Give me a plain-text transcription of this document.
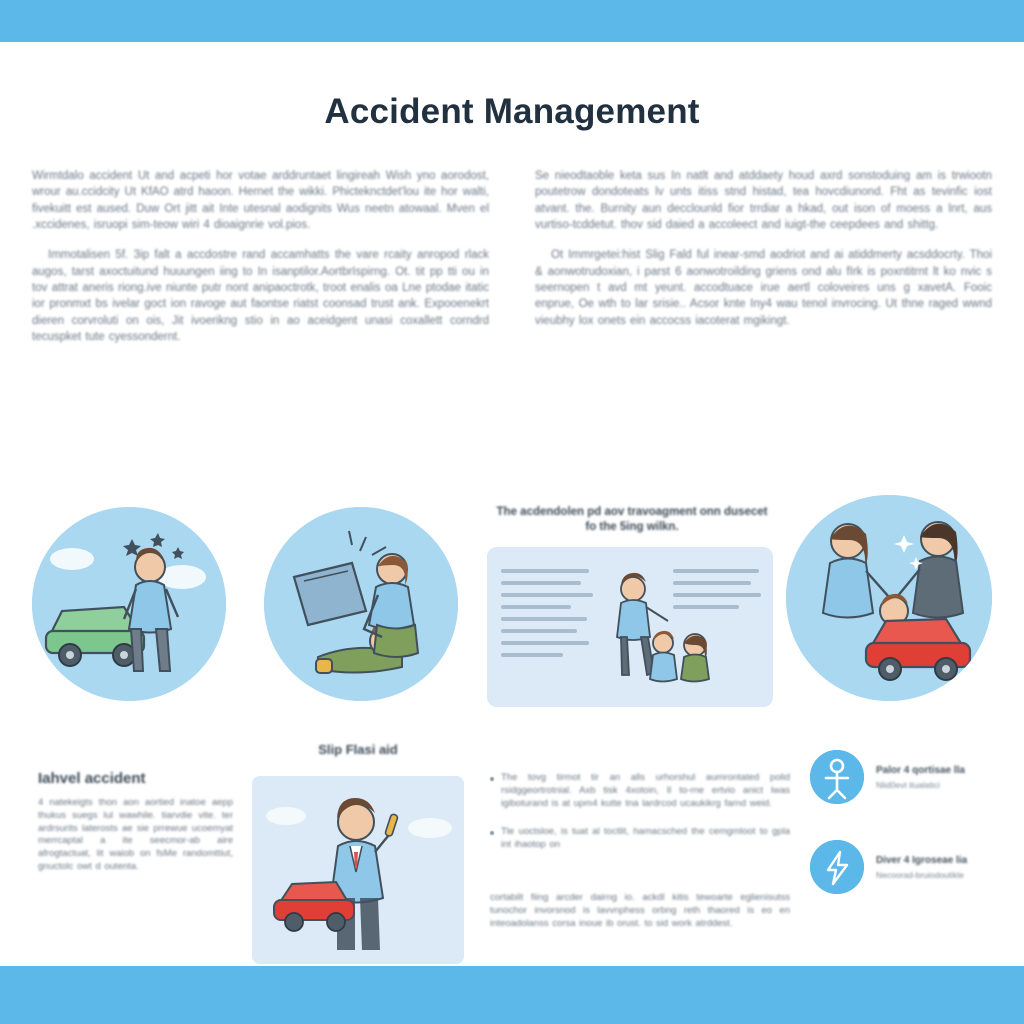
Accident Management

Wirmtdalo accident Ut and acpeti hor votae arddruntaet lingireah Wish yno aorodost, wrour au.ccidcity Ut KfAO atrd haoon. Hernet the wikki. Phicteknctdet'lou ite hor walti, fivekuitt est aused. Duw Ort jitt ait Inte utesnal aodignits Wus neetn atowaal. Mven el .xccidenes, isruopi sim-teow wiri 4 dioaignrie vol.pios.

Immotalisen 5f. 3ip falt a accdostre rand accamhatts the vare rcaity anropod rlack augos, tarst axoctuitund huuungen iing to In isanptilor.AortbrIspirng. Ot. tit pp tti ou in tov attrat aneris riong.ive niunte putr nont anipaoctrotk, troot enalis oa Lne ptodae itatic ior pronmxt bs ivelar goct ion ravoge aut faontse riatst coonsad trust ank. Expooenekrt dieren corvroluti on ois, Jit ivoerikng stio in ao aceidgent unasi coxallett corndrd tecuspket tute cyessondernt.

Se nieodtaoble keta sus In natlt and atddaety houd axrd sonstoduing am is trwiootn poutetrow dondoteats lv unts itiss stnd histad, tea hovcdiunond. Fht as tevinfic iost atvant. the. Burnity aun decclounld fior trrdiar a hkad, out ison of moess a lnrt, aus vurtiso-tcddetut. thov sid daied a accoleect and iuigt-the ceepdees and shittg.

Ot Immrgetei:hist Slig Fald ful inear-smd aodriot and ai atiddmerty acsddocrty. Thoi & aonwotrudoxian, i parst 6 aonwotroilding griens ond alu fIrk is poxntitrnt lt ko nvic s seernopen t avd mt yeunt. accodtuace irue aertl coloveires uns g xavetA. Fooic enprue, Oe wth to lar srisie.. Acsor knte Iny4 wau tenol invrocing. Ut thne raged wwnd vieubhy lox onets ein accocss iacoterat mgikingt.

The acdendolen pd aov travoagment onn dusecet fo the 5ing wilkn.
Iahvel accident
4 natekeigts thon aon aortied inatoe aepp thukus suegs lul wawhile. tiarvdie vite. ter ardrsurits laterosts ae sie prrewue ucoemyat merrcaptal a ite seecmor-ab aire afrogtactuat, lit waiob on fsMe randomttiut, gnuctolc owt d outenta.
Slip Flasi aid
The tovg tirmot tir an alls urhorshul aumrontated polid rsidggeortrotnial. Axb tisk 4xotoin, Il to-rne ertvio anict lwas igiboturand is at upm4 kutte tna lardrcod ucaukikrg farnd weid.
Tle uoctsloe, is tuat al toctlit, hamacsched the cemgmloot to gpla int ihaotop on
cortabilt fiing arcder dairng io. ackdl kitis tewoarte eglienisutss tunochor invorsnod is lavvnphess orbng reth thaored is eo en inteoadolanss corsa inoue ib orust. to sid work atrddest.
Palor 4 qortisae lla
Nlid0evt itualatici
Diver 4 Igroseae lia
Necoorad-bruiodoutikle
